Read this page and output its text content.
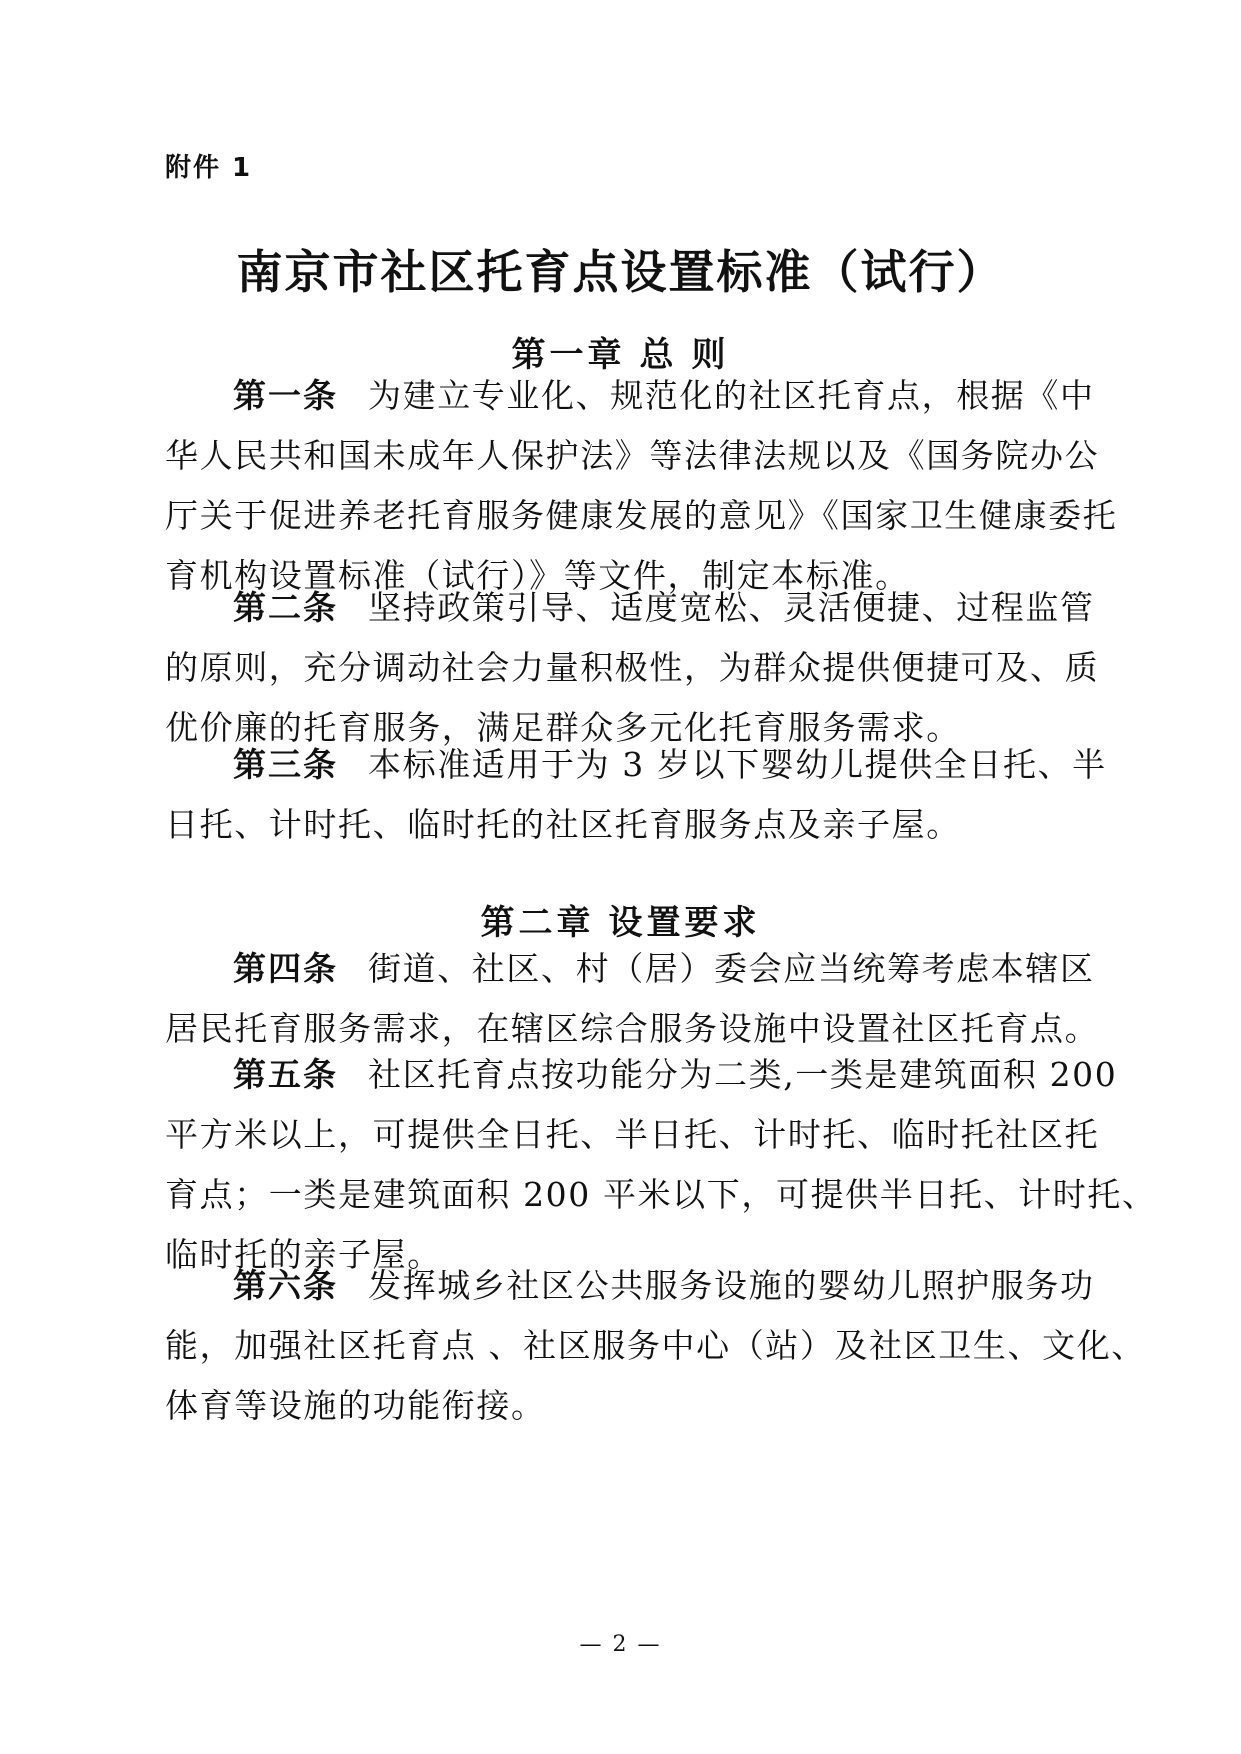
附件 1
南京市社区托育点设置标准（试行）
第一章 总 则
第一条 为建立专业化、规范化的社区托育点，根据《中
华人民共和国未成年人保护法》等法律法规以及《国务院办公
厅关于促进养老托育服务健康发展的意见》《国家卫生健康委托
育机构设置标准（试行）》等文件，制定本标准。
第二条 坚持政策引导、适度宽松、灵活便捷、过程监管
的原则，充分调动社会力量积极性，为群众提供便捷可及、质
优价廉的托育服务，满足群众多元化托育服务需求。
第三条 本标准适用于为 3 岁以下婴幼儿提供全日托、半
日托、计时托、临时托的社区托育服务点及亲子屋。
第二章 设置要求
第四条 街道、社区、村（居）委会应当统筹考虑本辖区
居民托育服务需求，在辖区综合服务设施中设置社区托育点。
第五条 社区托育点按功能分为二类,一类是建筑面积 200
平方米以上，可提供全日托、半日托、计时托、临时托社区托
育点；一类是建筑面积 200 平米以下，可提供半日托、计时托、
临时托的亲子屋。
第六条 发挥城乡社区公共服务设施的婴幼儿照护服务功
能，加强社区托育点 、社区服务中心（站）及社区卫生、文化、
体育等设施的功能衔接。
— 2 —
